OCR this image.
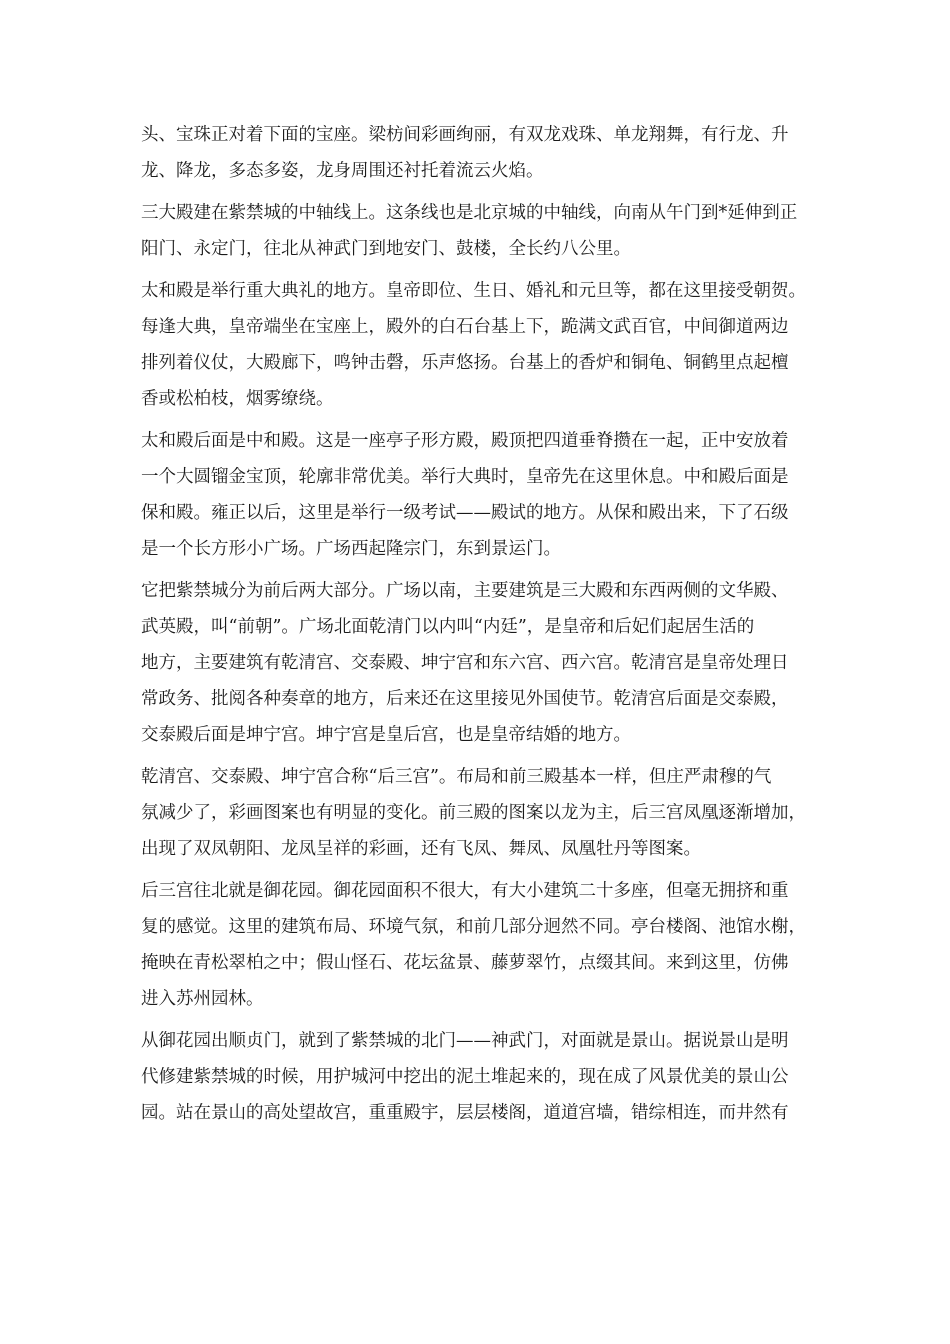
头、宝珠正对着下面的宝座。梁枋间彩画绚丽，有双龙戏珠、单龙翔舞，有行龙、升
龙、降龙，多态多姿，龙身周围还衬托着流云火焰。
三大殿建在紫禁城的中轴线上。这条线也是北京城的中轴线，向南从午门到*延伸到正
阳门、永定门，往北从神武门到地安门、鼓楼，全长约八公里。
太和殿是举行重大典礼的地方。皇帝即位、生日、婚礼和元旦等，都在这里接受朝贺。
每逢大典，皇帝端坐在宝座上，殿外的白石台基上下，跪满文武百官，中间御道两边
排列着仪仗，大殿廊下，鸣钟击磬，乐声悠扬。台基上的香炉和铜龟、铜鹤里点起檀
香或松柏枝，烟雾缭绕。
太和殿后面是中和殿。这是一座亭子形方殿，殿顶把四道垂脊攒在一起，正中安放着
一个大圆镏金宝顶，轮廓非常优美。举行大典时，皇帝先在这里休息。中和殿后面是
保和殿。雍正以后，这里是举行一级考试——殿试的地方。从保和殿出来，下了石级
是一个长方形小广场。广场西起隆宗门，东到景运门。
它把紫禁城分为前后两大部分。广场以南，主要建筑是三大殿和东西两侧的文华殿、
武英殿，叫“前朝”。广场北面乾清门以内叫“内廷”，是皇帝和后妃们起居生活的
地方，主要建筑有乾清宫、交泰殿、坤宁宫和东六宫、西六宫。乾清宫是皇帝处理日
常政务、批阅各种奏章的地方，后来还在这里接见外国使节。乾清宫后面是交泰殿，
交泰殿后面是坤宁宫。坤宁宫是皇后宫，也是皇帝结婚的地方。
乾清宫、交泰殿、坤宁宫合称“后三宫”。布局和前三殿基本一样，但庄严肃穆的气
氛减少了，彩画图案也有明显的变化。前三殿的图案以龙为主，后三宫凤凰逐渐增加，
出现了双凤朝阳、龙凤呈祥的彩画，还有飞凤、舞凤、凤凰牡丹等图案。
后三宫往北就是御花园。御花园面积不很大，有大小建筑二十多座，但毫无拥挤和重
复的感觉。这里的建筑布局、环境气氛，和前几部分迥然不同。亭台楼阁、池馆水榭，
掩映在青松翠柏之中；假山怪石、花坛盆景、藤萝翠竹，点缀其间。来到这里，仿佛
进入苏州园林。
从御花园出顺贞门，就到了紫禁城的北门——神武门，对面就是景山。据说景山是明
代修建紫禁城的时候，用护城河中挖出的泥土堆起来的，现在成了风景优美的景山公
园。站在景山的高处望故宫，重重殿宇，层层楼阁，道道宫墙，错综相连，而井然有
